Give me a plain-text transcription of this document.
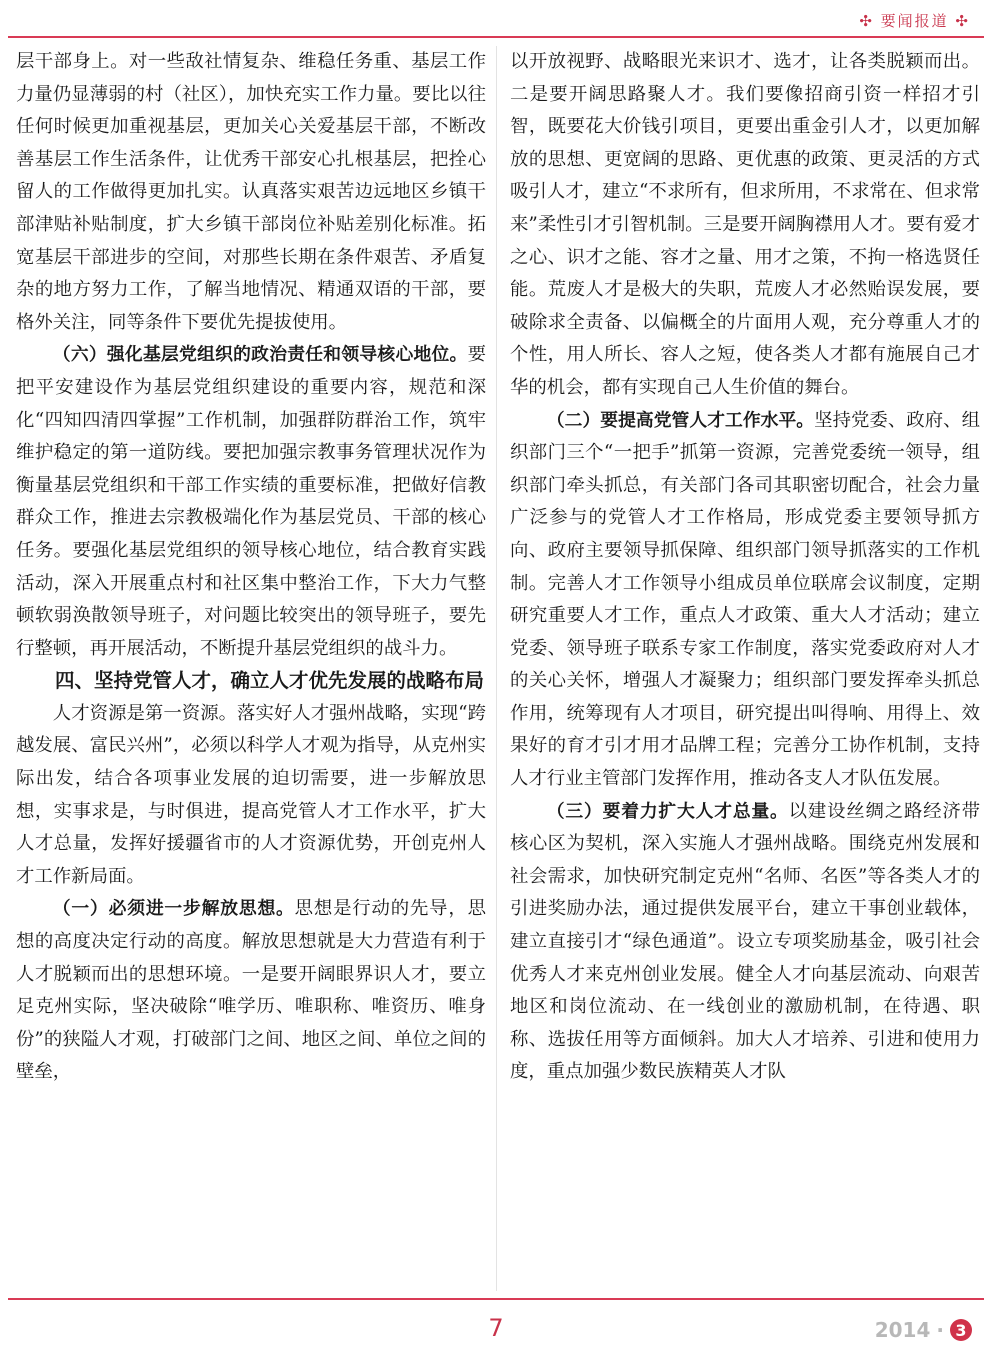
✣ 要闻报道 ✣

层干部身上。对一些敌社情复杂、维稳任务重、基层工作力量仍显薄弱的村（社区），加快充实工作力量。要比以往任何时候更加重视基层，更加关心关爱基层干部，不断改善基层工作生活条件，让优秀干部安心扎根基层，把拴心留人的工作做得更加扎实。认真落实艰苦边远地区乡镇干部津贴补贴制度，扩大乡镇干部岗位补贴差别化标准。拓宽基层干部进步的空间，对那些长期在条件艰苦、矛盾复杂的地方努力工作，了解当地情况、精通双语的干部，要格外关注，同等条件下要优先提拔使用。

（六）强化基层党组织的政治责任和领导核心地位。要把平安建设作为基层党组织建设的重要内容，规范和深化“四知四清四掌握”工作机制，加强群防群治工作，筑牢维护稳定的第一道防线。要把加强宗教事务管理状况作为衡量基层党组织和干部工作实绩的重要标准，把做好信教群众工作，推进去宗教极端化作为基层党员、干部的核心任务。要强化基层党组织的领导核心地位，结合教育实践活动，深入开展重点村和社区集中整治工作，下大力气整顿软弱涣散领导班子，对问题比较突出的领导班子，要先行整顿，再开展活动，不断提升基层党组织的战斗力。

四、坚持党管人才，确立人才优先发展的战略布局

人才资源是第一资源。落实好人才强州战略，实现“跨越发展、富民兴州”，必须以科学人才观为指导，从克州实际出发，结合各项事业发展的迫切需要，进一步解放思想，实事求是，与时俱进，提高党管人才工作水平，扩大人才总量，发挥好援疆省市的人才资源优势，开创克州人才工作新局面。

（一）必须进一步解放思想。思想是行动的先导，思想的高度决定行动的高度。解放思想就是大力营造有利于人才脱颖而出的思想环境。一是要开阔眼界识人才，要立足克州实际，坚决破除“唯学历、唯职称、唯资历、唯身份”的狭隘人才观，打破部门之间、地区之间、单位之间的壁垒，

以开放视野、战略眼光来识才、选才，让各类脱颖而出。二是要开阔思路聚人才。我们要像招商引资一样招才引智，既要花大价钱引项目，更要出重金引人才，以更加解放的思想、更宽阔的思路、更优惠的政策、更灵活的方式吸引人才，建立“不求所有，但求所用，不求常在、但求常来”柔性引才引智机制。三是要开阔胸襟用人才。要有爱才之心、识才之能、容才之量、用才之策，不拘一格选贤任能。荒废人才是极大的失职，荒废人才必然贻误发展，要破除求全责备、以偏概全的片面用人观，充分尊重人才的个性，用人所长、容人之短，使各类人才都有施展自己才华的机会，都有实现自己人生价值的舞台。

（二）要提高党管人才工作水平。坚持党委、政府、组织部门三个“一把手”抓第一资源，完善党委统一领导，组织部门牵头抓总，有关部门各司其职密切配合，社会力量广泛参与的党管人才工作格局，形成党委主要领导抓方向、政府主要领导抓保障、组织部门领导抓落实的工作机制。完善人才工作领导小组成员单位联席会议制度，定期研究重要人才工作，重点人才政策、重大人才活动；建立党委、领导班子联系专家工作制度，落实党委政府对人才的关心关怀，增强人才凝聚力；组织部门要发挥牵头抓总作用，统筹现有人才项目，研究提出叫得响、用得上、效果好的育才引才用才品牌工程；完善分工协作机制，支持人才行业主管部门发挥作用，推动各支人才队伍发展。

（三）要着力扩大人才总量。以建设丝绸之路经济带核心区为契机，深入实施人才强州战略。围绕克州发展和社会需求，加快研究制定克州“名师、名医”等各类人才的引进奖励办法，通过提供发展平台，建立干事创业载体，建立直接引才“绿色通道”。设立专项奖励基金，吸引社会优秀人才来克州创业发展。健全人才向基层流动、向艰苦地区和岗位流动、在一线创业的激励机制，在待遇、职称、选拔任用等方面倾斜。加大人才培养、引进和使用力度，重点加强少数民族精英人才队

7	2014 · 3
